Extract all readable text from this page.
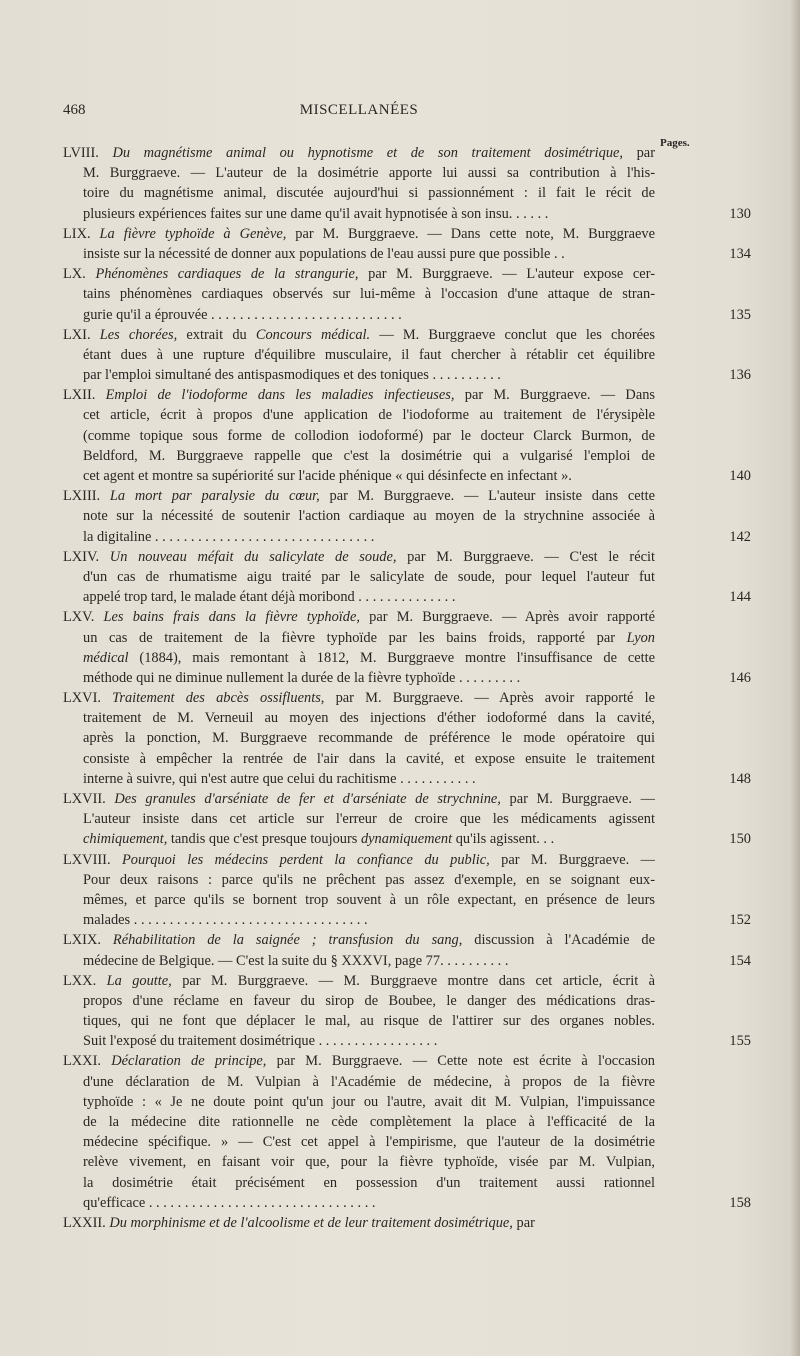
468	MISCELLANÉES
Pages.
LVIII. Du magnétisme animal ou hypnotisme et de son traitement dosimétrique, par
M. Burggraeve. — L'auteur de la dosimétrie apporte lui aussi sa contribution à l'his-
toire du magnétisme animal, discutée aujourd'hui si passionnément : il fait le récit de
plusieurs expériences faites sur une dame qu'il avait hypnotisée à son insu. . . . . .	130
LIX. La fièvre typhoïde à Genève, par M. Burggraeve. — Dans cette note, M. Burggraeve
insiste sur la nécessité de donner aux populations de l'eau aussi pure que possible . .	134
LX. Phénomènes cardiaques de la strangurie, par M. Burggraeve. — L'auteur expose cer-
tains phénomènes cardiaques observés sur lui-même à l'occasion d'une attaque de stran-
gurie qu'il a éprouvée . . . . . . . . . . . . . . . . . . . . . . . . . . .	135
LXI. Les chorées, extrait du Concours médical. — M. Burggraeve conclut que les chorées
étant dues à une rupture d'équilibre musculaire, il faut chercher à rétablir cet équilibre
par l'emploi simultané des antispasmodiques et des toniques . . . . . . . . . .	136
LXII. Emploi de l'iodoforme dans les maladies infectieuses, par M. Burggraeve. — Dans
cet article, écrit à propos d'une application de l'iodoforme au traitement de l'érysipèle
(comme topique sous forme de collodion iodoformé) par le docteur Clarck Burmon, de
Beldford, M. Burggraeve rappelle que c'est la dosimétrie qui a vulgarisé l'emploi de
cet agent et montre sa supériorité sur l'acide phénique « qui désinfecte en infectant ».	140
LXIII. La mort par paralysie du cœur, par M. Burggraeve. — L'auteur insiste dans cette
note sur la nécessité de soutenir l'action cardiaque au moyen de la strychnine associée à
la digitaline . . . . . . . . . . . . . . . . . . . . . . . . . . . . . . .	142
LXIV. Un nouveau méfait du salicylate de soude, par M. Burggraeve. — C'est le récit
d'un cas de rhumatisme aigu traité par le salicylate de soude, pour lequel l'auteur fut
appelé trop tard, le malade étant déjà moribond . . . . . . . . . . . . . .	144
LXV. Les bains frais dans la fièvre typhoïde, par M. Burggraeve. — Après avoir rapporté
un cas de traitement de la fièvre typhoïde par les bains froids, rapporté par Lyon
médical (1884), mais remontant à 1812, M. Burggraeve montre l'insuffisance de cette
méthode qui ne diminue nullement la durée de la fièvre typhoïde . . . . . . . . .	146
LXVI. Traitement des abcès ossifluents, par M. Burggraeve. — Après avoir rapporté le
traitement de M. Verneuil au moyen des injections d'éther iodoformé dans la cavité,
après la ponction, M. Burggraeve recommande de préférence le mode opératoire qui
consiste à empêcher la rentrée de l'air dans la cavité, et expose ensuite le traitement
interne à suivre, qui n'est autre que celui du rachitisme . . . . . . . . . . .	148
LXVII. Des granules d'arséniate de fer et d'arséniate de strychnine, par M. Burggraeve. —
L'auteur insiste dans cet article sur l'erreur de croire que les médicaments agissent
chimiquement, tandis que c'est presque toujours dynamiquement qu'ils agissent. . .	150
LXVIII. Pourquoi les médecins perdent la confiance du public, par M. Burggraeve. —
Pour deux raisons : parce qu'ils ne prêchent pas assez d'exemple, en se soignant eux-
mêmes, et parce qu'ils se bornent trop souvent à un rôle expectant, en présence de leurs
malades . . . . . . . . . . . . . . . . . . . . . . . . . . . . . . . . .	152
LXIX. Réhabilitation de la saignée ; transfusion du sang, discussion à l'Académie de
médecine de Belgique. — C'est la suite du § XXXVI, page 77. . . . . . . . . .	154
LXX. La goutte, par M. Burggraeve. — M. Burggraeve montre dans cet article, écrit à
propos d'une réclame en faveur du sirop de Boubee, le danger des médications dras-
tiques, qui ne font que déplacer le mal, au risque de l'attirer sur des organes nobles.
Suit l'exposé du traitement dosimétrique . . . . . . . . . . . . . . . . .	155
LXXI. Déclaration de principe, par M. Burggraeve. — Cette note est écrite à l'occasion
d'une déclaration de M. Vulpian à l'Académie de médecine, à propos de la fièvre
typhoïde : « Je ne doute point qu'un jour ou l'autre, avait dit M. Vulpian, l'impuissance
de la médecine dite rationnelle ne cède complètement la place à l'efficacité de la
médecine spécifique. » — C'est cet appel à l'empirisme, que l'auteur de la dosimétrie
relève vivement, en faisant voir que, pour la fièvre typhoïde, visée par M. Vulpian,
la dosimétrie était précisément en possession d'un traitement aussi rationnel
qu'efficace . . . . . . . . . . . . . . . . . . . . . . . . . . . . . . . .	158
LXXII. Du morphinisme et de l'alcoolisme et de leur traitement dosimétrique, par
